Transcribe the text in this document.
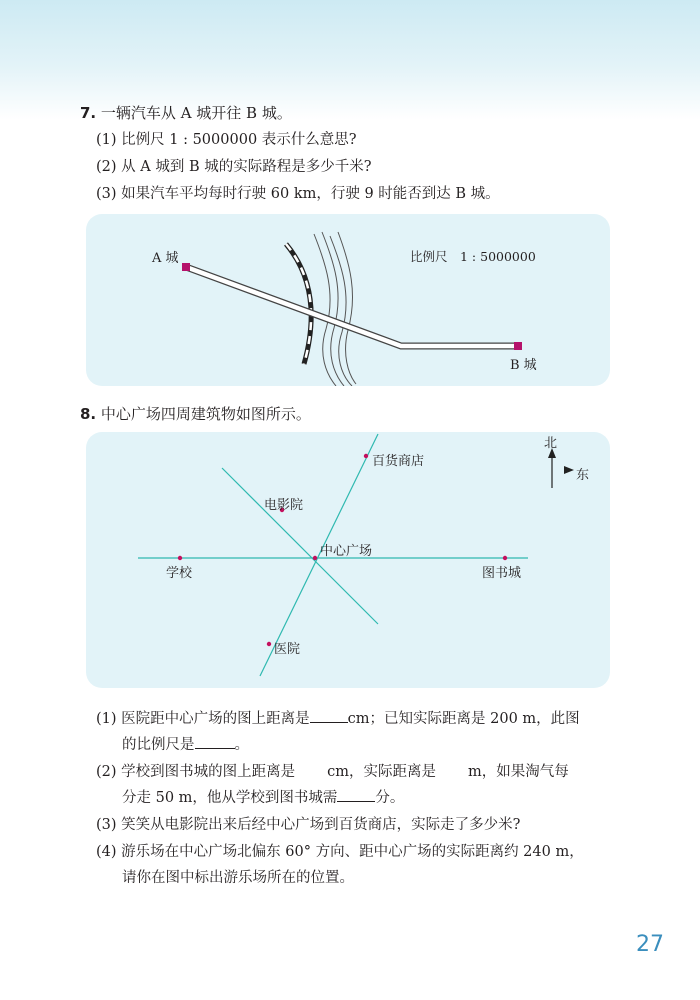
7. 一辆汽车从 A 城开往 B 城。
(1) 比例尺 1 : 5000000 表示什么意思?
(2) 从 A 城到 B 城的实际路程是多少千米?
(3) 如果汽车平均每时行驶 60 km，行驶 9 时能否到达 B 城。
A 城
B 城
比例尺　1 : 5000000
8. 中心广场四周建筑物如图所示。
北
东
百货商店
电影院
中心广场
学校	图书城
医院
(1) 医院距中心广场的图上距离是	cm；已知实际距离是 200 m，此图
的比例尺是	。
(2) 学校到图书城的图上距离是 cm，实际距离是 m，如果淘气每
分走 50 m，他从学校到图书城需	分。
(3) 笑笑从电影院出来后经中心广场到百货商店，实际走了多少米?
(4) 游乐场在中心广场北偏东 60° 方向、距中心广场的实际距离约 240 m，
请你在图中标出游乐场所在的位置。
27
